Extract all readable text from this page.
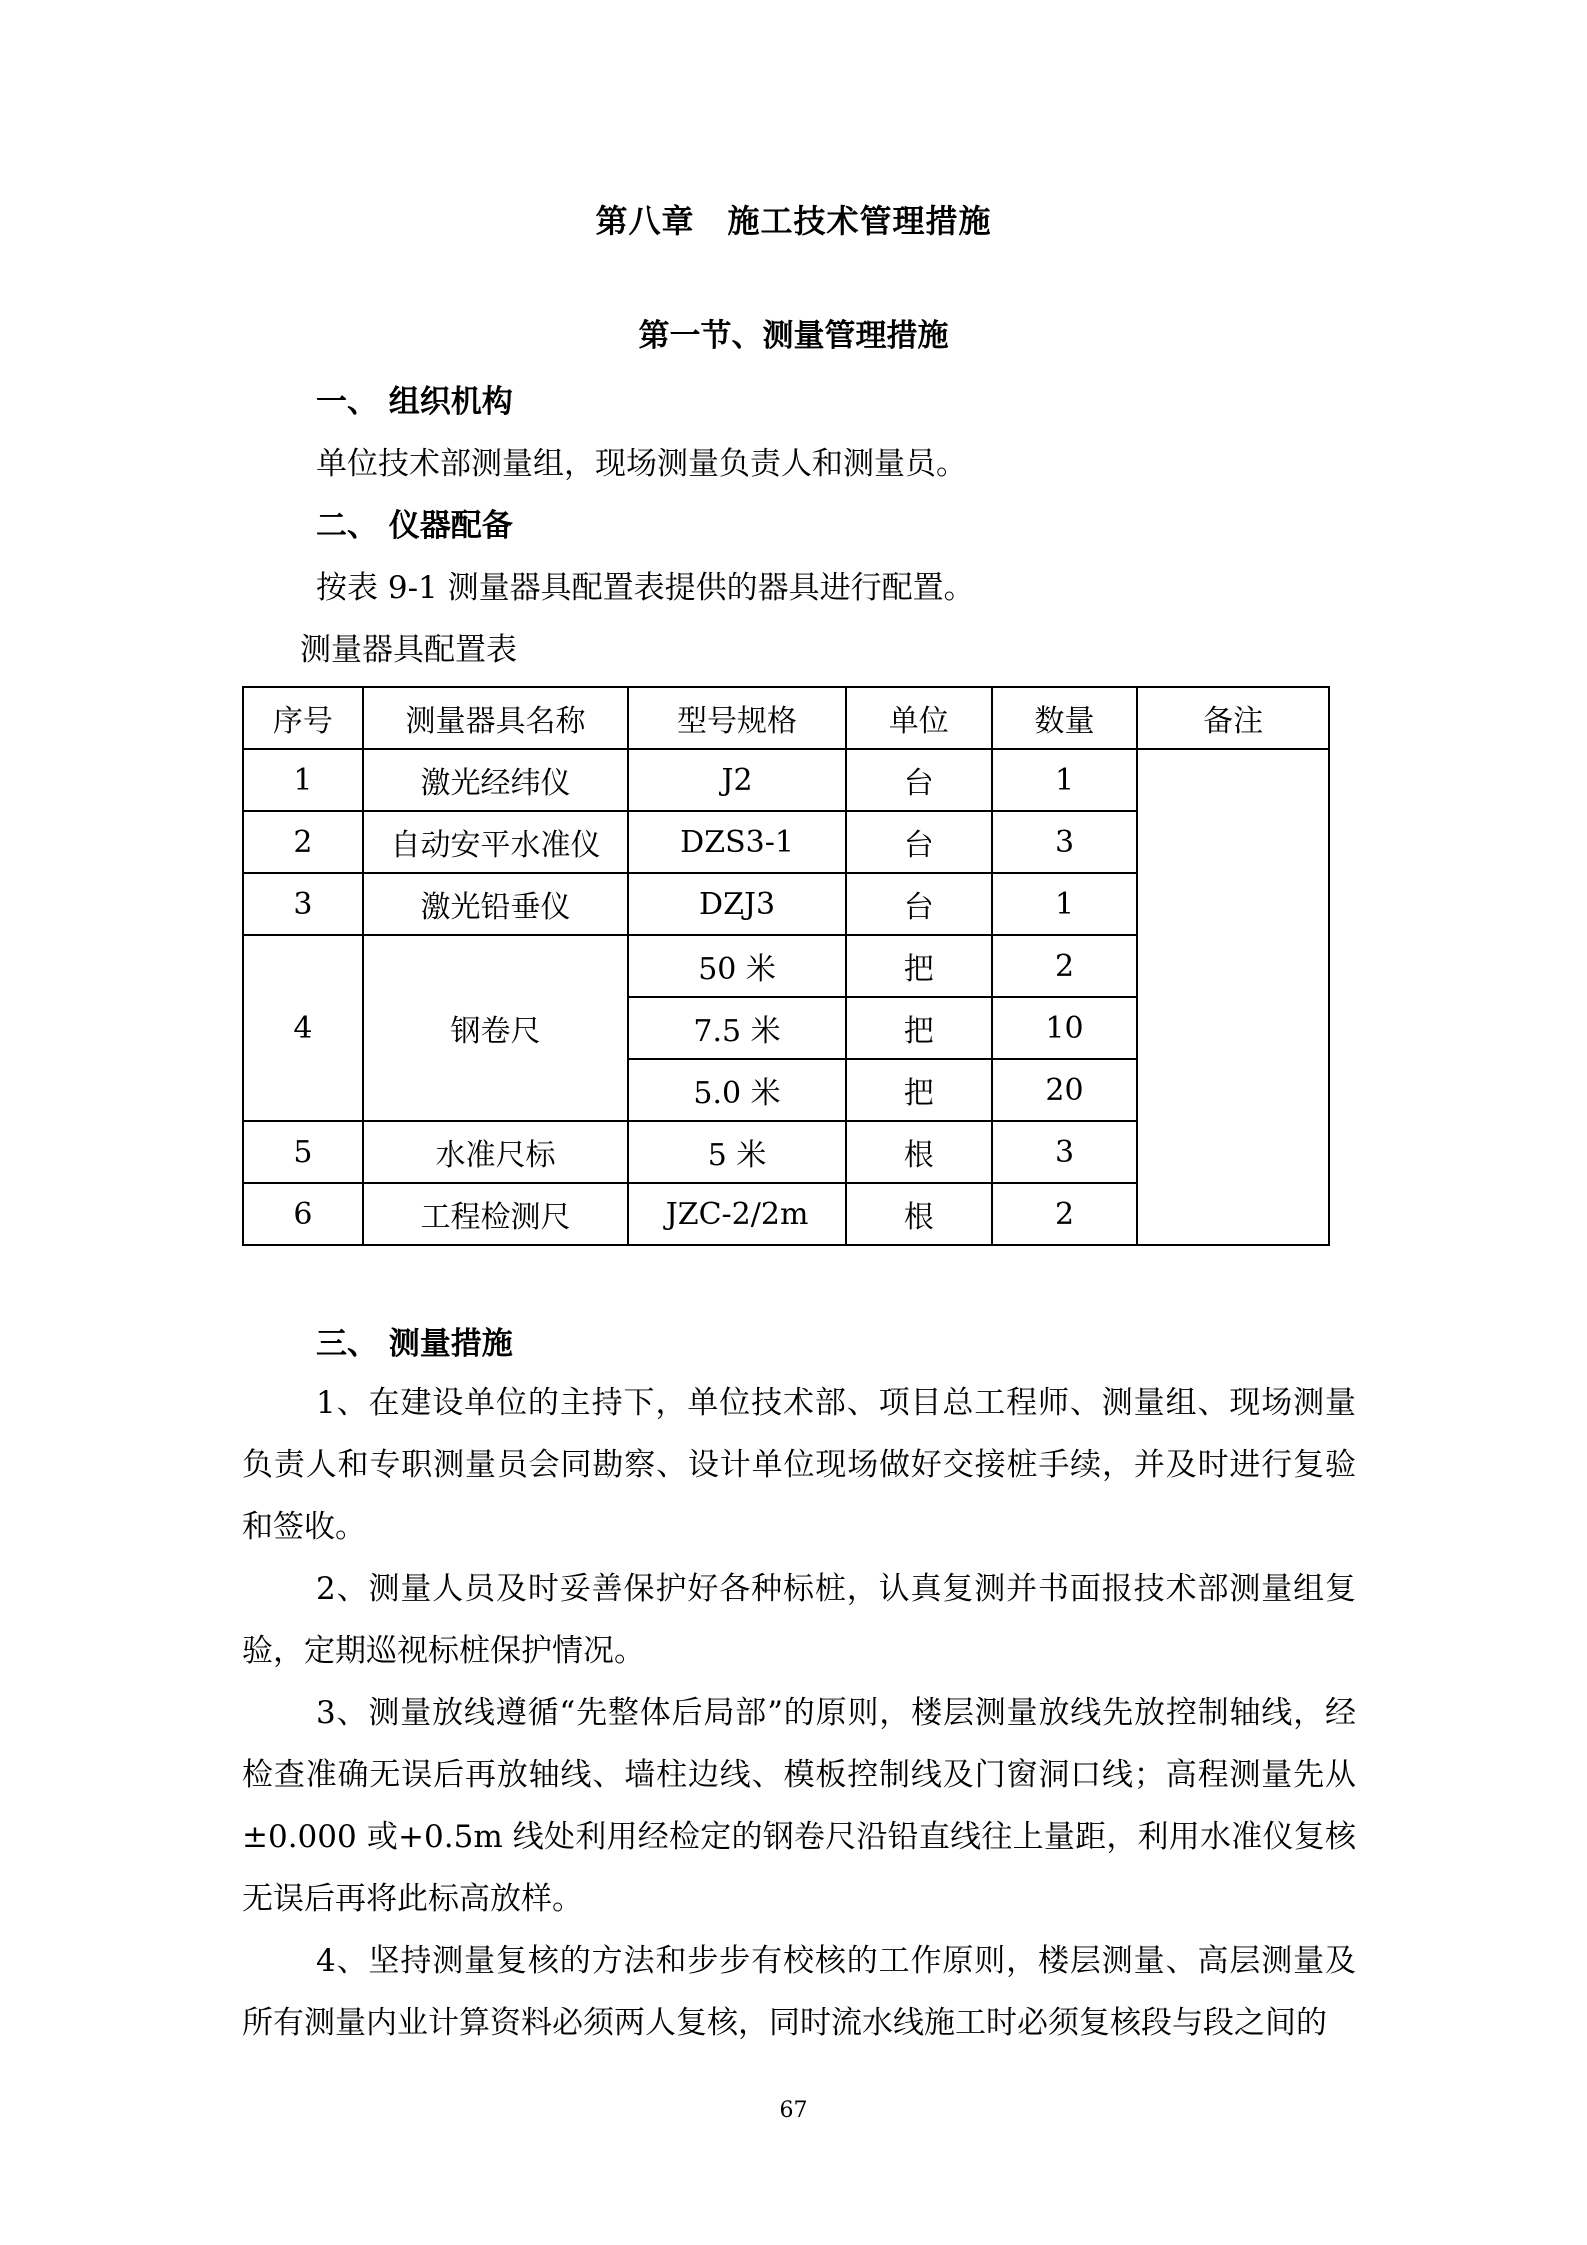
第八章　施工技术管理措施
第一节、测量管理措施
一、 组织机构
单位技术部测量组，现场测量负责人和测量员。
二、 仪器配备
按表 9-1 测量器具配置表提供的器具进行配置。
测量器具配置表
序号	测量器具名称	型号规格	单位	数量	备注
1	激光经纬仪	J2	台	1	
2	自动安平水准仪	DZS3-1	台	3	
3	激光铅垂仪	DZJ3	台	1	
4	钢卷尺	50 米	把	2	
		7.5 米	把	10	
		5.0 米	把	20	
5	水准尺标	5 米	根	3	
6	工程检测尺	JZC-2/2m	根	2	
三、 测量措施

1、在建设单位的主持下，单位技术部、项目总工程师、测量组、现场测量负责人和专职测量员会同勘察、设计单位现场做好交接桩手续，并及时进行复验和签收。

2、测量人员及时妥善保护好各种标桩，认真复测并书面报技术部测量组复验，定期巡视标桩保护情况。

3、测量放线遵循“先整体后局部”的原则，楼层测量放线先放控制轴线，经检查准确无误后再放轴线、墙柱边线、模板控制线及门窗洞口线；高程测量先从±0.000 或+0.5m 线处利用经检定的钢卷尺沿铅直线往上量距，利用水准仪复核无误后再将此标高放样。

4、坚持测量复核的方法和步步有校核的工作原则，楼层测量、高层测量及所有测量内业计算资料必须两人复核，同时流水线施工时必须复核段与段之间的

67
